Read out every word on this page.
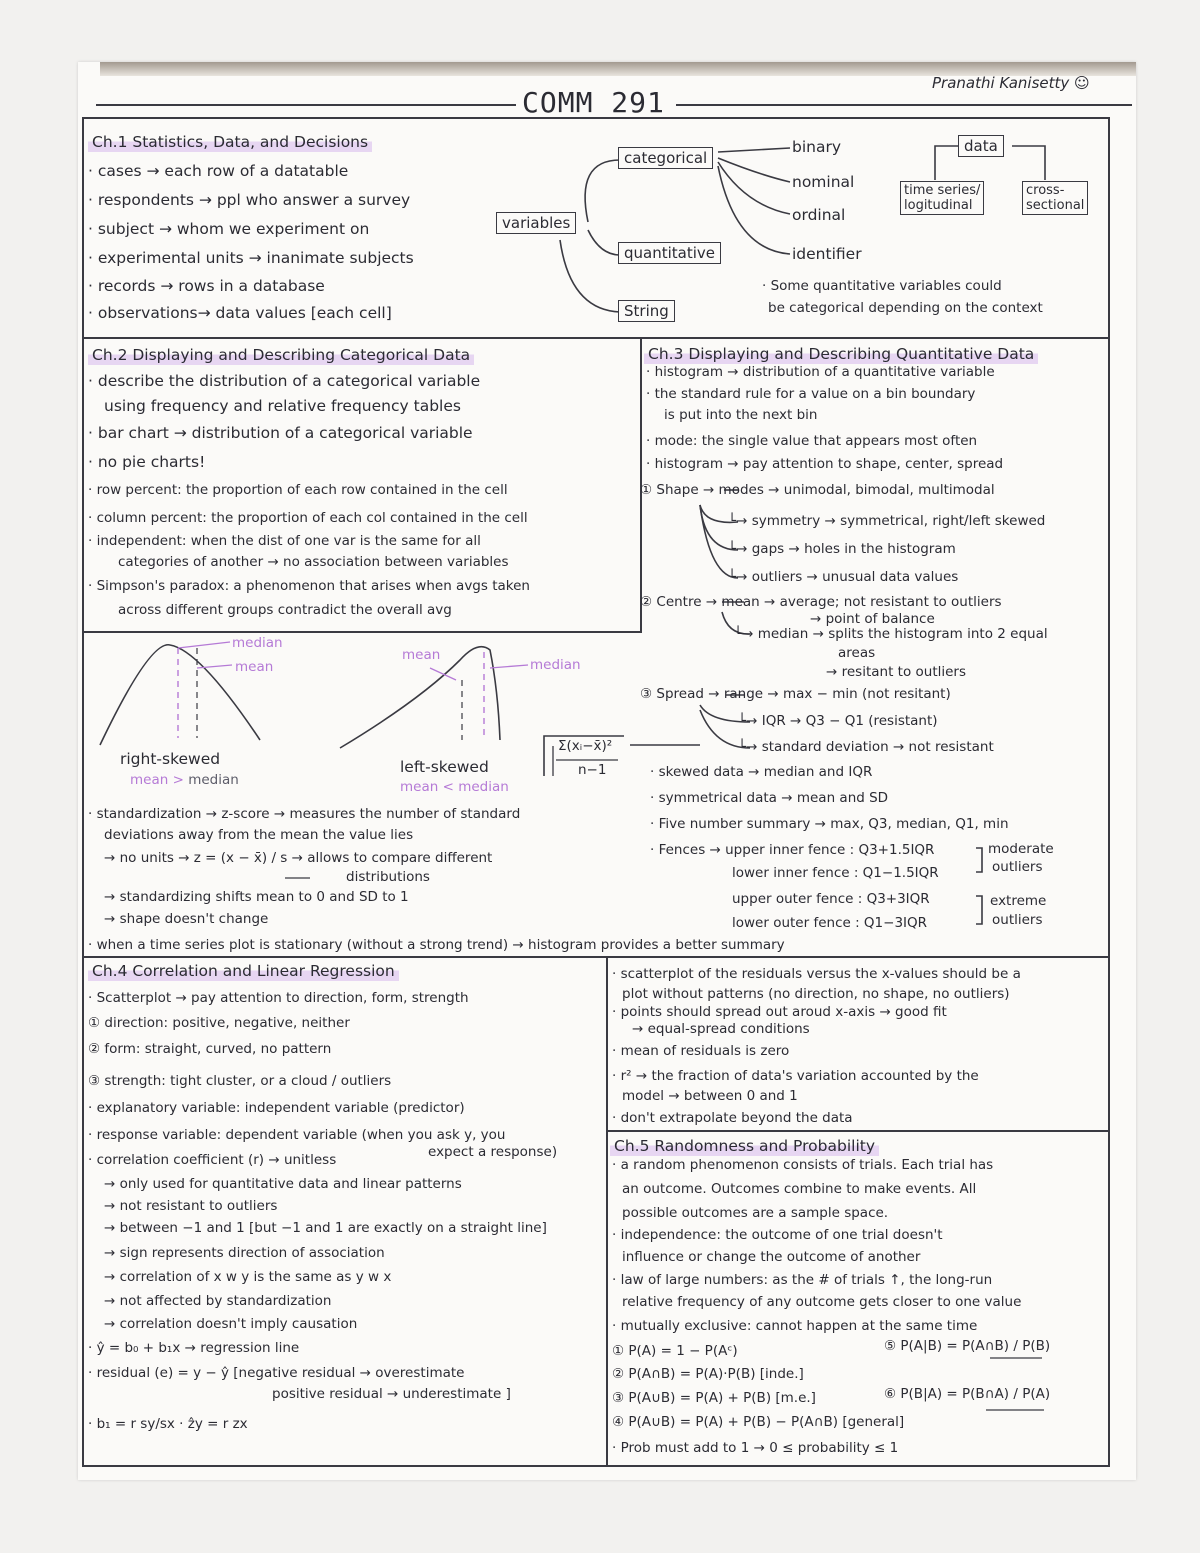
COMM 291
Pranathi Kanisetty ☺
Ch.1 Statistics, Data, and Decisions
· cases → each row of a datatable
· respondents → ppl who answer a survey
· subject → whom we experiment on
· experimental units → inanimate subjects
· records → rows in a database
· observations→ data values [each cell]
variables
categorical
quantitative
String
binary
nominal
ordinal
identifier
data
time series/
logitudinal
cross-
sectional
· Some quantitative variables could
be categorical depending on the context
Ch.2 Displaying and Describing Categorical Data
· describe the distribution of a categorical variable
using frequency and relative frequency tables
· bar chart → distribution of a categorical variable
· no pie charts!
· row percent: the proportion of each row contained in the cell
· column percent: the proportion of each col contained in the cell
· independent: when the dist of one var is the same for all
categories of another → no association between variables
· Simpson's paradox: a phenomenon that arises when avgs taken
across different groups contradict the overall avg
median
mean
right-skewed
mean > median
mean
median
left-skewed
mean < median
Σ(xᵢ−x̄)²
n−1
· standardization → z-score → measures the number of standard
deviations away from the mean the value lies
→ no units → z = (x − x̄) / s → allows to compare different
distributions
→ standardizing shifts mean to 0 and SD to 1
→ shape doesn't change
· when a time series plot is stationary (without a strong trend) → histogram provides a better summary
Ch.3 Displaying and Describing Quantitative Data
· histogram → distribution of a quantitative variable
· the standard rule for a value on a bin boundary
is put into the next bin
· mode: the single value that appears most often
· histogram → pay attention to shape, center, spread
① Shape → modes → unimodal, bimodal, multimodal
└→ symmetry → symmetrical, right/left skewed
└→ gaps → holes in the histogram
└→ outliers → unusual data values
② Centre → mean → average; not resistant to outliers
→ point of balance
└→ median → splits the histogram into 2 equal
areas
→ resitant to outliers
③ Spread → range → max − min (not resitant)
└→ IQR → Q3 − Q1 (resistant)
└→ standard deviation → not resistant
· skewed data → median and IQR
· symmetrical data → mean and SD
· Five number summary → max, Q3, median, Q1, min
· Fences → upper inner fence : Q3+1.5IQR
lower inner fence : Q1−1.5IQR
upper outer fence : Q3+3IQR
lower outer fence : Q1−3IQR
moderate
outliers
extreme
outliers
Ch.4 Correlation and Linear Regression
· Scatterplot → pay attention to direction, form, strength
① direction: positive, negative, neither
② form: straight, curved, no pattern
③ strength: tight cluster, or a cloud / outliers
· explanatory variable: independent variable (predictor)
· response variable: dependent variable (when you ask y, you
· correlation coefficient (r) → unitless	expect a response)
→ only used for quantitative data and linear patterns
→ not resistant to outliers
→ between −1 and 1 [but −1 and 1 are exactly on a straight line]
→ sign represents direction of association
→ correlation of x w y is the same as y w x
→ not affected by standardization
→ correlation doesn't imply causation
· ŷ = b₀ + b₁x → regression line
· residual (e) = y − ŷ [negative residual → overestimate
positive residual → underestimate ]
· b₁ = r sy/sx · ẑy = r zx
· scatterplot of the residuals versus the x-values should be a
plot without patterns (no direction, no shape, no outliers)
· points should spread out aroud x-axis → good fit
→ equal-spread conditions
· mean of residuals is zero
· r² → the fraction of data's variation accounted by the
model → between 0 and 1
· don't extrapolate beyond the data
Ch.5 Randomness and Probability
· a random phenomenon consists of trials. Each trial has
an outcome. Outcomes combine to make events. All
possible outcomes are a sample space.
· independence: the outcome of one trial doesn't
influence or change the outcome of another
· law of large numbers: as the # of trials ↑, the long-run
relative frequency of any outcome gets closer to one value
· mutually exclusive: cannot happen at the same time
① P(A) = 1 − P(Aᶜ)
② P(A∩B) = P(A)·P(B) [inde.]
③ P(A∪B) = P(A) + P(B) [m.e.]
④ P(A∪B) = P(A) + P(B) − P(A∩B) [general]
· Prob must add to 1 → 0 ≤ probability ≤ 1
⑤ P(A|B) = P(A∩B) / P(B)
⑥ P(B|A) = P(B∩A) / P(A)
